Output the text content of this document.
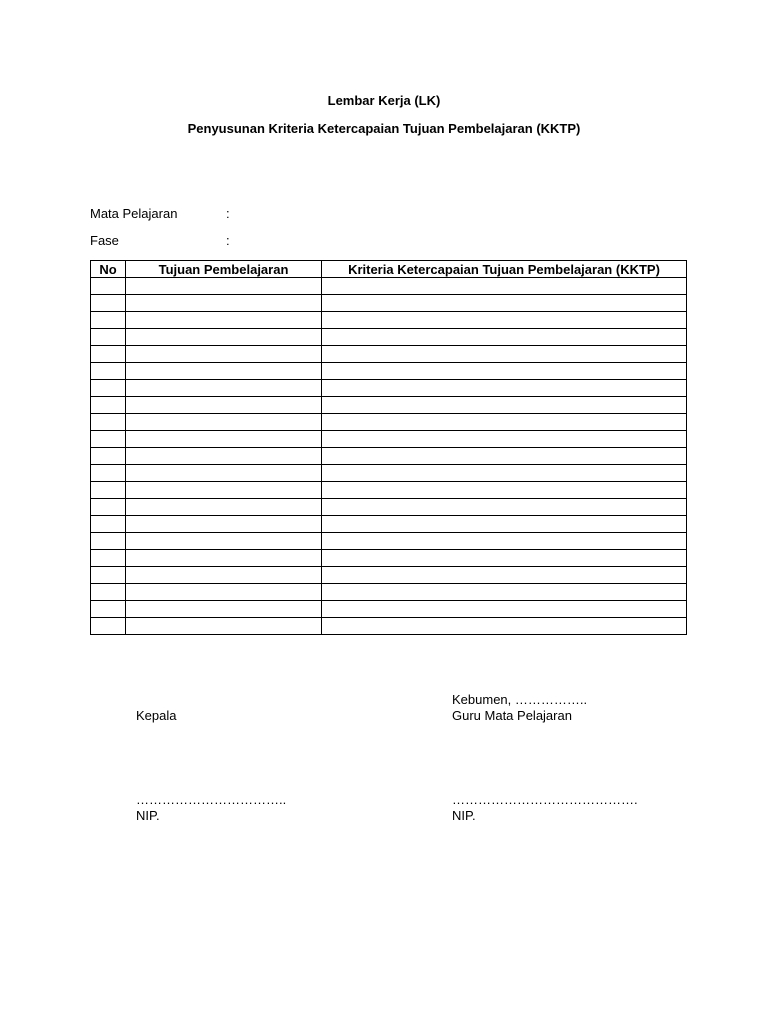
Lembar Kerja (LK)
Penyusunan Kriteria Ketercapaian Tujuan Pembelajaran (KKTP)
Mata Pelajaran	:
Fase	:
No	Tujuan Pembelajaran	Kriteria Ketercapaian Tujuan Pembelajaran (KKTP)

Kepala
……………………………..
NIP.
Kebumen, ……………..
Guru Mata Pelajaran
…………………………………….
NIP.
